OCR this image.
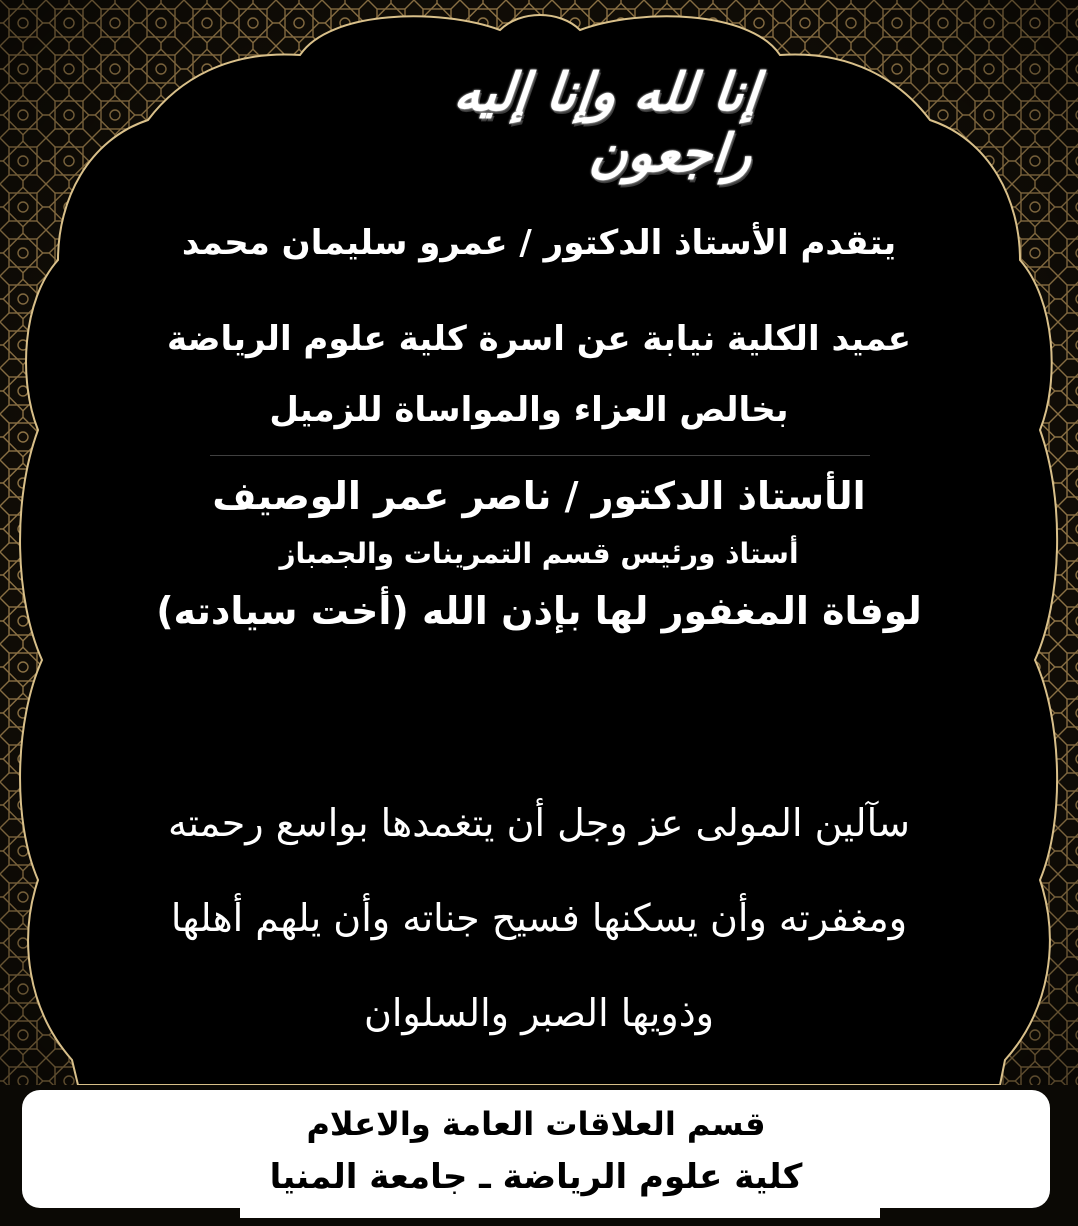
إنا لله وإنا إليه راجعون
يتقدم الأستاذ الدكتور / عمرو سليمان محمد
عميد الكلية نيابة عن اسرة كلية علوم الرياضة
بخالص العزاء والمواساة للزميل
الأستاذ الدكتور / ناصر عمر الوصيف
أستاذ ورئيس قسم التمرينات والجمباز
لوفاة المغفور لها بإذن الله (أخت سيادته)
سآلين المولى عز وجل أن يتغمدها بواسع رحمته
ومغفرته وأن يسكنها فسيح جناته وأن يلهم أهلها
وذويها الصبر والسلوان
قسم العلاقات العامة والاعلام
كلية علوم الرياضة ـ جامعة المنيا
